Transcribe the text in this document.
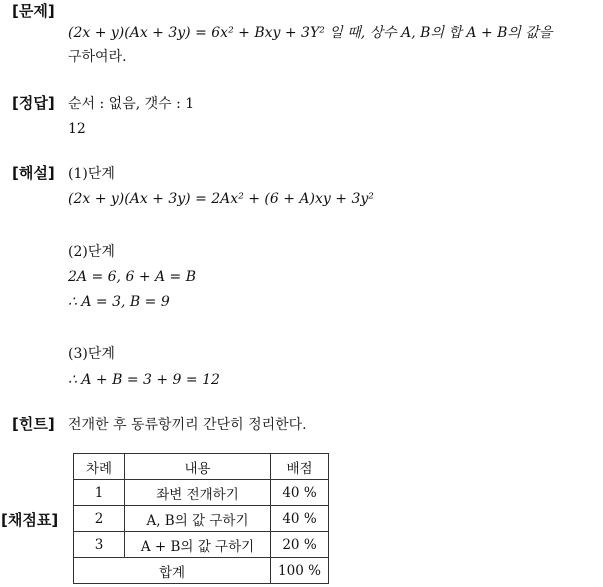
[문제]
(2x + y)(Ax + 3y) = 6x² + Bxy + 3Y² 일 때, 상수 A, B의 합 A + B의 값을
구하여라.
[정답] 순서 : 없음, 갯수 : 1
12
[해설] (1)단계
(2x + y)(Ax + 3y) = 2Ax² + (6 + A)xy + 3y²
(2)단계
2A = 6, 6 + A = B
∴ A = 3, B = 9
(3)단계
∴ A + B = 3 + 9 = 12
[힌트] 전개한 후 동류항끼리 간단히 정리한다.
[채점표]
차례	내용	배점
1	좌변 전개하기	40 %
2	A, B의 값 구하기	40 %
3	A + B의 값 구하기	20 %
합계		100 %
